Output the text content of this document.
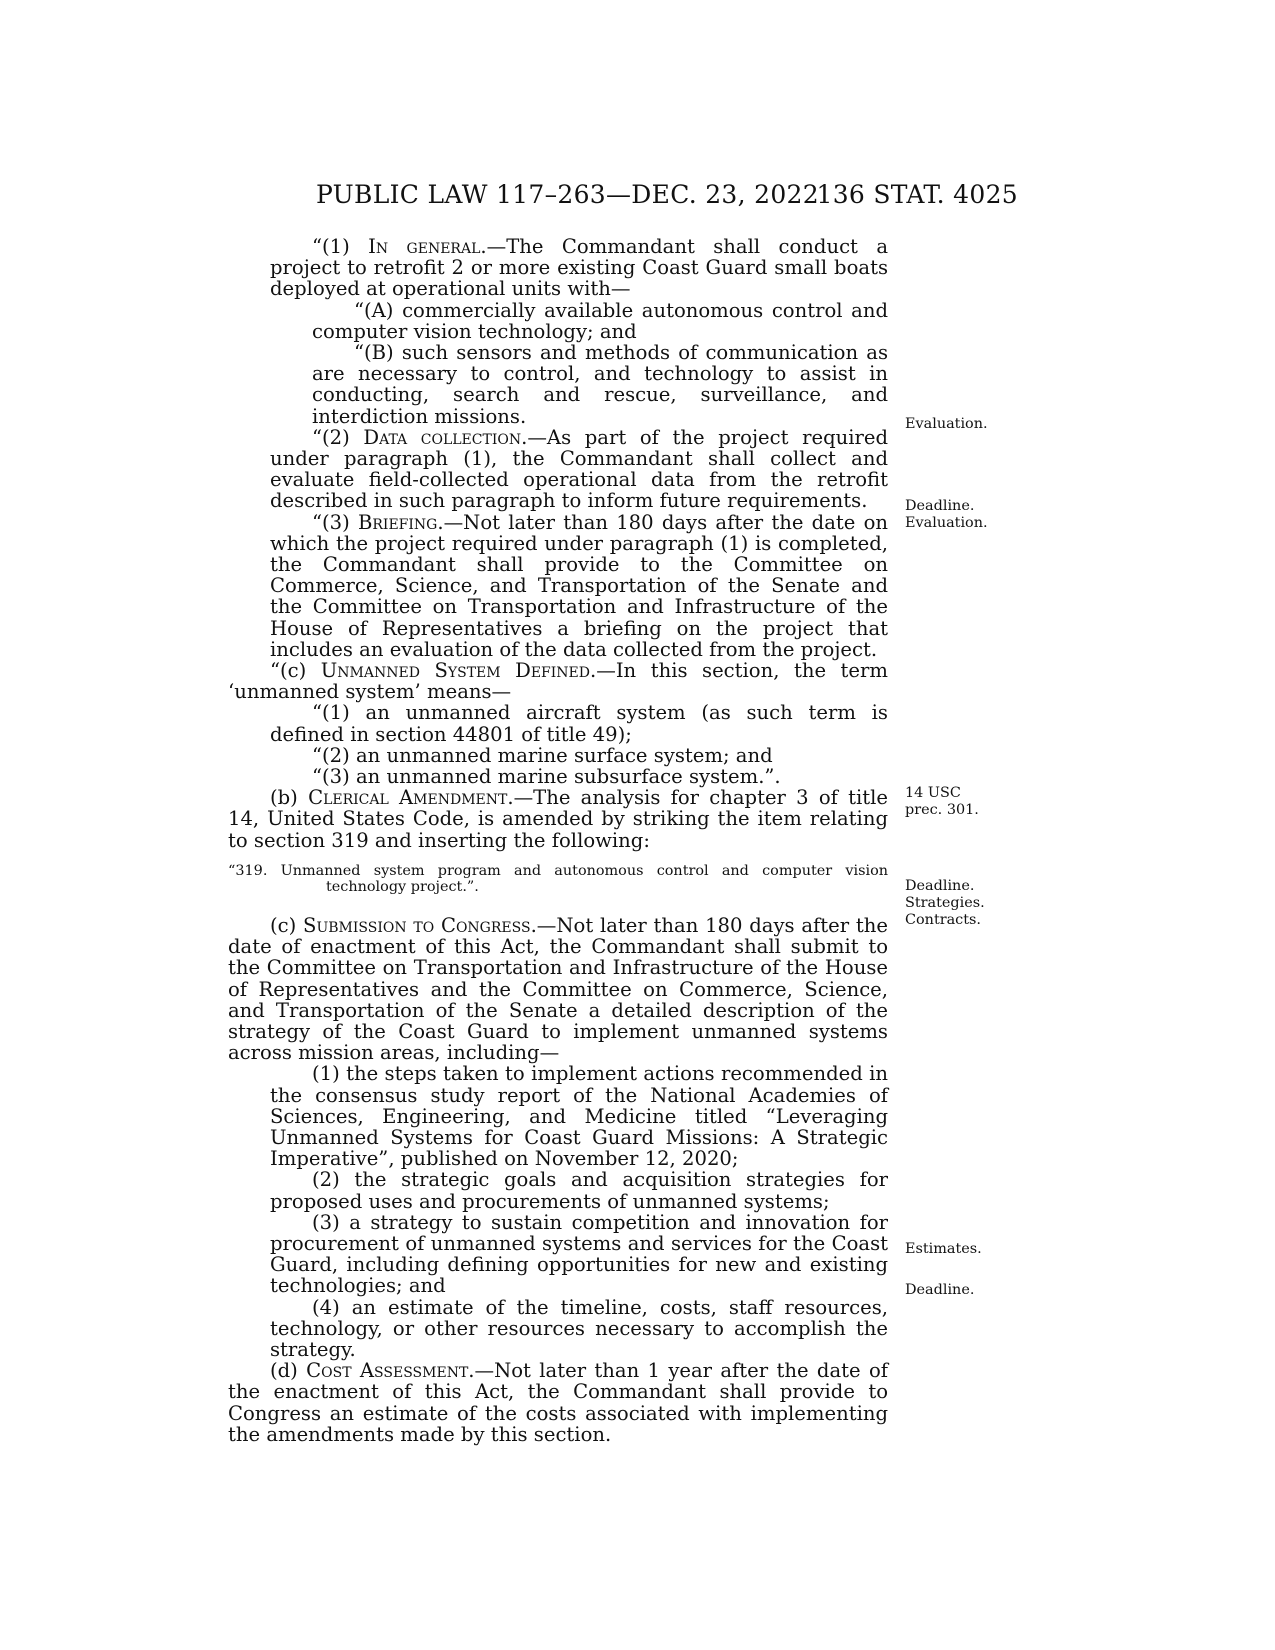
PUBLIC LAW 117–263—DEC. 23, 2022
136 STAT. 4025

“(1) In general.—The Commandant shall conduct a project to retrofit 2 or more existing Coast Guard small boats deployed at operational units with—

“(A) commercially available autonomous control and computer vision technology; and

“(B) such sensors and methods of communication as are necessary to control, and technology to assist in conducting, search and rescue, surveillance, and interdiction missions.

“(2) Data collection.—As part of the project required under paragraph (1), the Commandant shall collect and evaluate field-collected operational data from the retrofit described in such paragraph to inform future requirements.

“(3) Briefing.—Not later than 180 days after the date on which the project required under paragraph (1) is completed, the Commandant shall provide to the Committee on Commerce, Science, and Transportation of the Senate and the Committee on Transportation and Infrastructure of the House of Representatives a briefing on the project that includes an evaluation of the data collected from the project.

“(c) Unmanned System Defined.—In this section, the term ‘unmanned system’ means—

“(1) an unmanned aircraft system (as such term is defined in section 44801 of title 49);

“(2) an unmanned marine surface system; and

“(3) an unmanned marine subsurface system.”.

(b) Clerical Amendment.—The analysis for chapter 3 of title 14, United States Code, is amended by striking the item relating to section 319 and inserting the following:

“319. Unmanned system program and autonomous control and computer vision technology project.”.

(c) Submission to Congress.—Not later than 180 days after the date of enactment of this Act, the Commandant shall submit to the Committee on Transportation and Infrastructure of the House of Representatives and the Committee on Commerce, Science, and Transportation of the Senate a detailed description of the strategy of the Coast Guard to implement unmanned systems across mission areas, including—

(1) the steps taken to implement actions recommended in the consensus study report of the National Academies of Sciences, Engineering, and Medicine titled “Leveraging Unmanned Systems for Coast Guard Missions: A Strategic Imperative”, published on November 12, 2020;

(2) the strategic goals and acquisition strategies for proposed uses and procurements of unmanned systems;

(3) a strategy to sustain competition and innovation for procurement of unmanned systems and services for the Coast Guard, including defining opportunities for new and existing technologies; and

(4) an estimate of the timeline, costs, staff resources, technology, or other resources necessary to accomplish the strategy.

(d) Cost Assessment.—Not later than 1 year after the date of the enactment of this Act, the Commandant shall provide to Congress an estimate of the costs associated with implementing the amendments made by this section.

Evaluation.
Deadline.
Evaluation.
14 USC
prec. 301.
Deadline.
Strategies.
Contracts.
Estimates.
Deadline.
